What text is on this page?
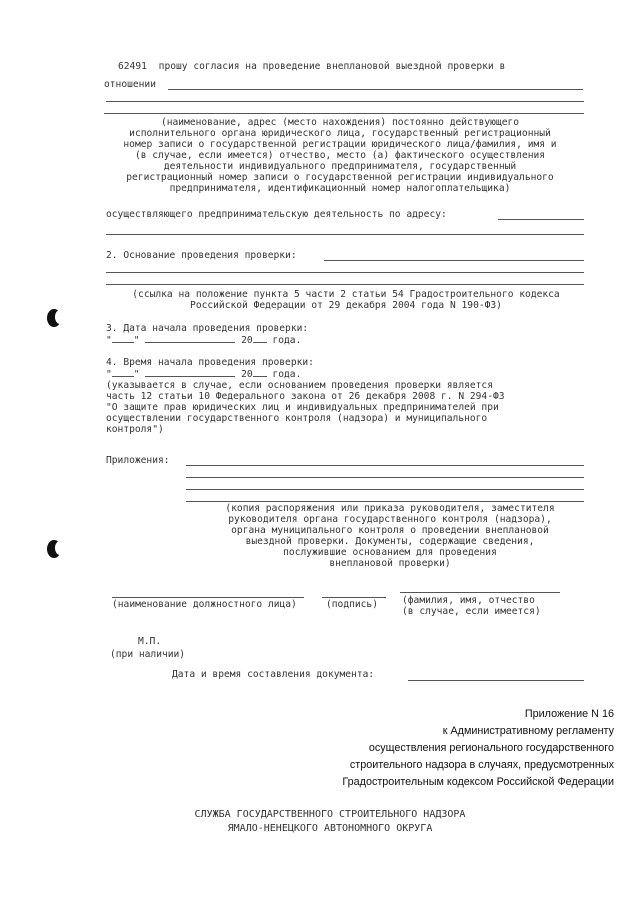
62491 прошу согласия на проведение внеплановой выездной проверки в
отношении
(наименование, адрес (место нахождения) постоянно действующего
исполнительного органа юридического лица, государственный регистрационный
номер записи о государственной регистрации юридического лица/фамилия, имя и
(в случае, если имеется) отчество, место (а) фактического осуществления
деятельности индивидуального предпринимателя, государственный
регистрационный номер записи о государственной регистрации индивидуального
предпринимателя, идентификационный номер налогоплательщика)
осуществляющего предпринимательскую деятельность по адресу:
2. Основание проведения проверки:
(ссылка на положение пункта 5 части 2 статьи 54 Градостроительного кодекса
Российской Федерации от 29 декабря 2004 года N 190-ФЗ)
3. Дата начала проведения проверки:
" "	20 года.
4. Время начала проведения проверки:
" "	20 года.
(указывается в случае, если основанием проведения проверки является
часть 12 статьи 10 Федерального закона от 26 декабря 2008 г. N 294-ФЗ
"О защите прав юридических лиц и индивидуальных предпринимателей при
осуществлении государственного контроля (надзора) и муниципального
контроля")
Приложения:
(копия распоряжения или приказа руководителя, заместителя
руководителя органа государственного контроля (надзора),
органа муниципального контроля о проведении внеплановой
выездной проверки. Документы, содержащие сведения,
послужившие основанием для проведения
внеплановой проверки)
(наименование должностного лица)	(подпись)	(фамилия, имя, отчество
(в случае, если имеется)
М.П.
(при наличии)
Дата и время составления документа:
Приложение N 16
к Административному регламенту
осуществления регионального государственного
строительного надзора в случаях, предусмотренных
Градостроительным кодексом Российской Федерации
СЛУЖБА ГОСУДАРСТВЕННОГО СТРОИТЕЛЬНОГО НАДЗОРА
ЯМАЛО-НЕНЕЦКОГО АВТОНОМНОГО ОКРУГА
